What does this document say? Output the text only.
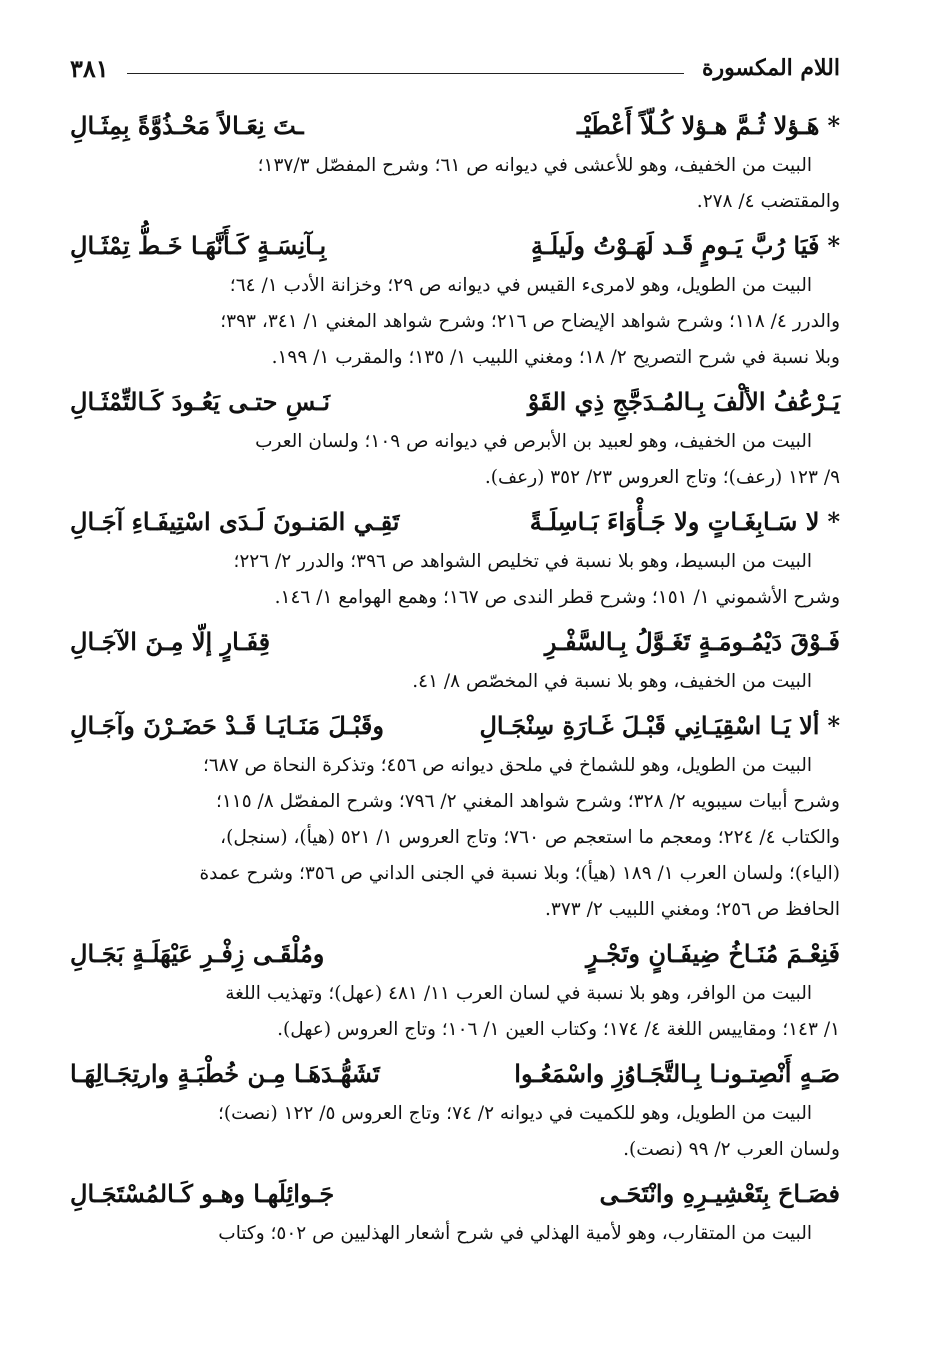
اللام المكسورة
٣٨١
*هَـؤلا ثُـمَّ هـؤلا كُـلّاً أَعْطَيْـ
ـتَ نِعَـالاً مَحْـذُوَّةً بِمِثَـالِ
البيت من الخفيف، وهو للأعشى في ديوانه ص ٦١؛ وشرح المفصّل ١٣٧/٣؛
والمقتضب ٤/ ٢٧٨.
*فَيَا رُبَّ يَـومٍ قَـد لَهَـوْتُ ولَيلَـةٍ
بِـآنِسَـةٍ كَـأَنَّهَـا خَـطُّ تِمْثَـالِ
البيت من الطويل، وهو لامرىء القيس في ديوانه ص ٢٩؛ وخزانة الأدب ١/ ٦٤؛
والدرر ٤/ ١١٨؛ وشرح شواهد الإيضاح ص ٢١٦؛ وشرح شواهد المغني ١/ ٣٤١، ٣٩٣؛
وبلا نسبة في شرح التصريح ٢/ ١٨؛ ومغني اللبيب ١/ ١٣٥؛ والمقرب ١/ ١٩٩.
يَـرْعُفُ الألْفَ بِـالمُـدَجَّجِ ذِي القَوْ
نَـسِ حتـى يَعُـودَ كَـالتِّمْثَـالِ
البيت من الخفيف، وهو لعبيد بن الأبرص في ديوانه ص ١٠٩؛ ولسان العرب
٩/ ١٢٣ (رعف)؛ وتاج العروس ٢٣/ ٣٥٢ (رعف).
*لا سَـابِغَـاتٍ ولا جَـأْوَاءَ بَـاسِلَـةً
تَقِـي المَنـونَ لَـدَى اسْتِيفَـاءِ آجَـالِ
البيت من البسيط، وهو بلا نسبة في تخليص الشواهد ص ٣٩٦؛ والدرر ٢/ ٢٢٦؛
وشرح الأشموني ١/ ١٥١؛ وشرح قطر الندى ص ١٦٧؛ وهمع الهوامع ١/ ١٤٦.
فَـوْقَ دَيْمُـومَـةٍ تَغَـوَّلُ بِـالسَّفْـرِ
قِفَـارٍ إلّا مِـنَ الآجَـالِ
البيت من الخفيف، وهو بلا نسبة في المخصّص ٨/ ٤١.
*ألا يَـا اسْقِيَـانِي قَبْـلَ غَـارَةِ سِنْجَـالِ
وقَبْـلَ مَنَـايَـا قَـدْ حَضَـرْنَ وآجَـالِ
البيت من الطويل، وهو للشماخ في ملحق ديوانه ص ٤٥٦؛ وتذكرة النحاة ص ٦٨٧؛
وشرح أبيات سيبويه ٢/ ٣٢٨؛ وشرح شواهد المغني ٢/ ٧٩٦؛ وشرح المفصّل ٨/ ١١٥؛
والكتاب ٤/ ٢٢٤؛ ومعجم ما استعجم ص ٧٦٠؛ وتاج العروس ١/ ٥٢١ (هيأ)، (سنجل)،
(الياء)؛ ولسان العرب ١/ ١٨٩ (هيأ)؛ وبلا نسبة في الجنى الداني ص ٣٥٦؛ وشرح عمدة
الحافظ ص ٢٥٦؛ ومغني اللبيب ٢/ ٣٧٣.
فَنِعْـمَ مُنَـاخُ ضِيفَـانٍ وتَجْـرٍ
ومُلْقَـى زِفْـرِ عَيْهَلَـةٍ بَجَـالِ
البيت من الوافر، وهو بلا نسبة في لسان العرب ١١/ ٤٨١ (عهل)؛ وتهذيب اللغة
١/ ١٤٣؛ ومقاييس اللغة ٤/ ١٧٤؛ وكتاب العين ١/ ١٠٦؛ وتاج العروس (عهل).
صَـهٍ أَنْصِتـونـا بِـالتَّجَـاوُزِ واسْمَعُـوا
تَشَهُّـدَهَـا مِـن خُطْبَـةٍ وارتِجَـالِهَـا
البيت من الطويل، وهو للكميت في ديوانه ٢/ ٧٤؛ وتاج العروس ٥/ ١٢٢ (نصت)؛
ولسان العرب ٢/ ٩٩ (نصت).
فصَـاحَ بِتَعْشِيـرِهِ وانْتَحَـى
جَـوائِلَهـا وهـو كَـالمُسْتَجَـالِ
البيت من المتقارب، وهو لأمية الهذلي في شرح أشعار الهذليين ص ٥٠٢؛ وكتاب
